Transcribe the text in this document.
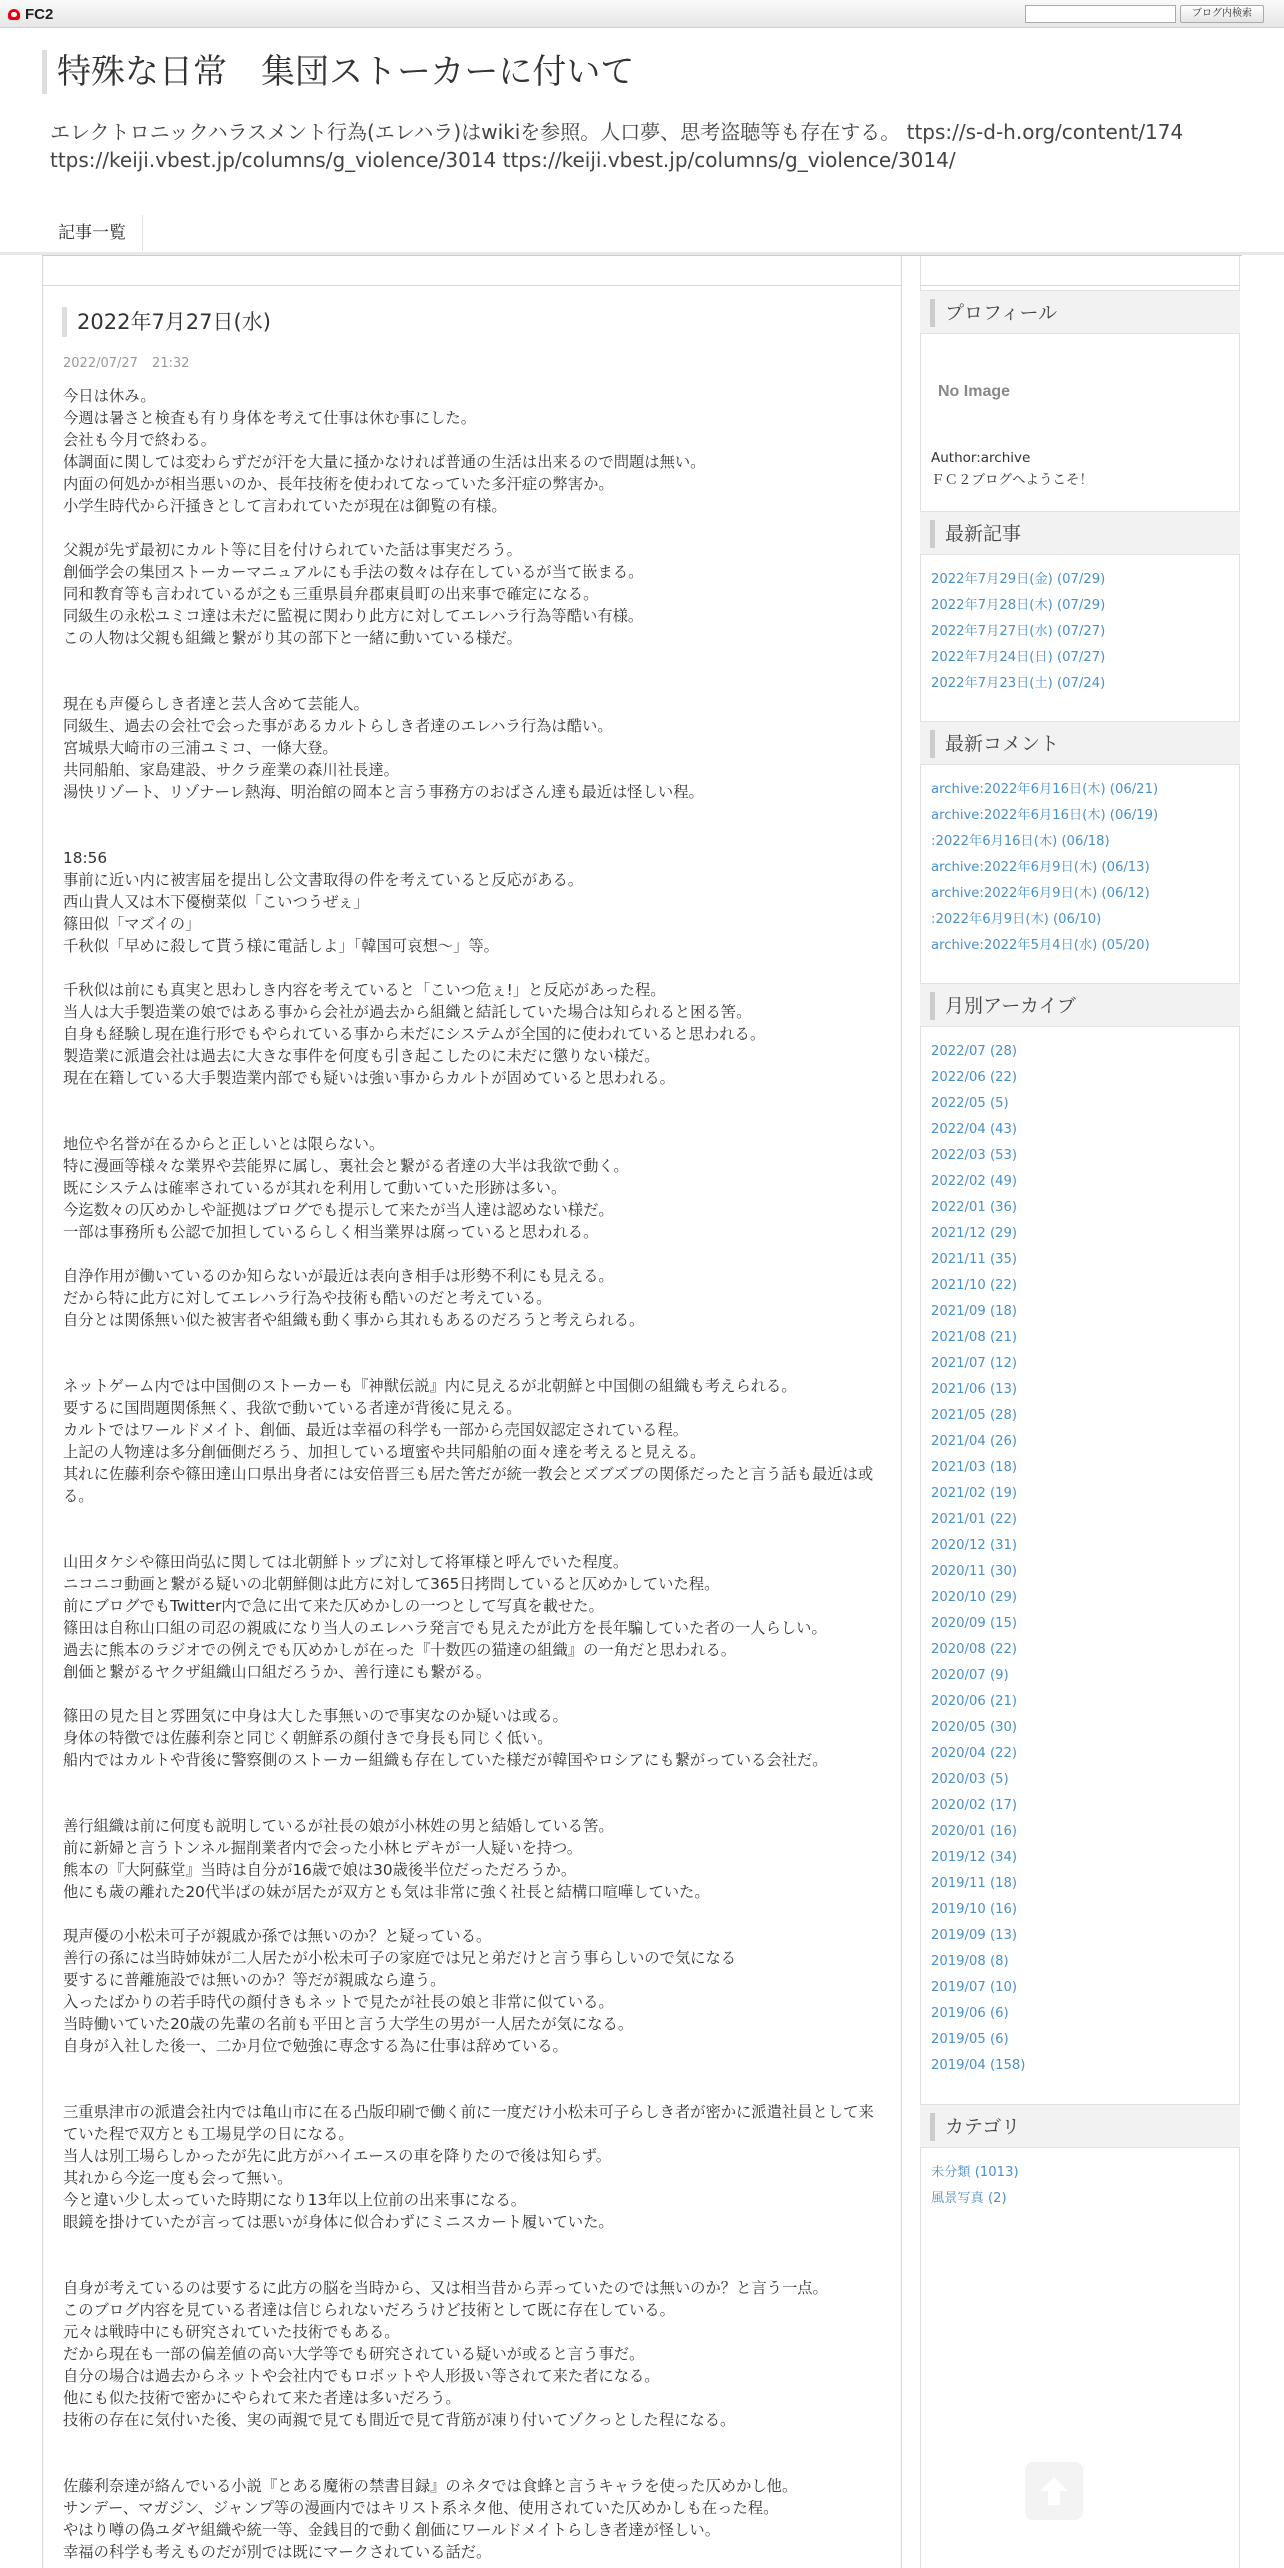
FC2	ブログ内検索
特殊な日常　集団ストーカーに付いて
エレクトロニックハラスメント行為(エレハラ)はwikiを参照。人口夢、思考盗聴等も存在する。 ttps://s-d-h.org/content/174
ttps://keiji.vbest.jp/columns/g_violence/3014 ttps://keiji.vbest.jp/columns/g_violence/3014/
記事一覧
2022年7月27日(水)
2022/07/27 21:32
今日は休み。
今週は暑さと検査も有り身体を考えて仕事は休む事にした。
会社も今月で終わる。
体調面に関しては変わらずだが汗を大量に掻かなければ普通の生活は出来るので問題は無い。
内面の何処かが相当悪いのか、長年技術を使われてなっていた多汗症の弊害か。
小学生時代から汗掻きとして言われていたが現在は御覧の有様。

父親が先ず最初にカルト等に目を付けられていた話は事実だろう。
創価学会の集団ストーカーマニュアルにも手法の数々は存在しているが当て嵌まる。
同和教育等も言われているが之も三重県員弁郡東員町の出来事で確定になる。
同級生の永松ユミコ達は未だに監視に関わり此方に対してエレハラ行為等酷い有様。
この人物は父親も組織と繋がり其の部下と一緒に動いている様だ。

現在も声優らしき者達と芸人含めて芸能人。
同級生、過去の会社で会った事があるカルトらしき者達のエレハラ行為は酷い。
宮城県大崎市の三浦ユミコ、一條大登。
共同船舶、家島建設、サクラ産業の森川社長達。
湯快リゾート、リゾナーレ熱海、明治館の岡本と言う事務方のおばさん達も最近は怪しい程。

18:56
事前に近い内に被害届を提出し公文書取得の件を考えていると反応がある。
西山貴人又は木下優樹菜似「こいつうぜぇ」
篠田似「マズイの」
千秋似「早めに殺して貰う様に電話しよ」「韓国可哀想～」等。

千秋似は前にも真実と思わしき内容を考えていると「こいつ危ぇ!」と反応があった程。
当人は大手製造業の娘ではある事から会社が過去から組織と結託していた場合は知られると困る筈。
自身も経験し現在進行形でもやられている事から未だにシステムが全国的に使われていると思われる。
製造業に派遣会社は過去に大きな事件を何度も引き起こしたのに未だに懲りない様だ。
現在在籍している大手製造業内部でも疑いは強い事からカルトが固めていると思われる。

地位や名誉が在るからと正しいとは限らない。
特に漫画等様々な業界や芸能界に属し、裏社会と繋がる者達の大半は我欲で動く。
既にシステムは確率されているが其れを利用して動いていた形跡は多い。
今迄数々の仄めかしや証拠はブログでも提示して来たが当人達は認めない様だ。
一部は事務所も公認で加担しているらしく相当業界は腐っていると思われる。

自浄作用が働いているのか知らないが最近は表向き相手は形勢不利にも見える。
だから特に此方に対してエレハラ行為や技術も酷いのだと考えている。
自分とは関係無い似た被害者や組織も動く事から其れもあるのだろうと考えられる。

ネットゲーム内では中国側のストーカーも『神獣伝説』内に見えるが北朝鮮と中国側の組織も考えられる。
要するに国問題関係無く、我欲で動いている者達が背後に見える。
カルトではワールドメイト、創価、最近は幸福の科学も一部から売国奴認定されている程。
上記の人物達は多分創価側だろう、加担している壇蜜や共同船舶の面々達を考えると見える。
其れに佐藤利奈や篠田達山口県出身者には安倍晋三も居た筈だが統一教会とズブズブの関係だったと言う話も最近は或る。

山田タケシや篠田尚弘に関しては北朝鮮トップに対して将軍様と呼んでいた程度。
ニコニコ動画と繋がる疑いの北朝鮮側は此方に対して365日拷問していると仄めかしていた程。
前にブログでもTwitter内で急に出て来た仄めかしの一つとして写真を載せた。
篠田は自称山口組の司忍の親戚になり当人のエレハラ発言でも見えたが此方を長年騙していた者の一人らしい。
過去に熊本のラジオでの例えでも仄めかしが在った『十数匹の猫達の組織』の一角だと思われる。
創価と繋がるヤクザ組織山口組だろうか、善行達にも繋がる。

篠田の見た目と雰囲気に中身は大した事無いので事実なのか疑いは或る。
身体の特徴では佐藤利奈と同じく朝鮮系の顔付きで身長も同じく低い。
船内ではカルトや背後に警察側のストーカー組織も存在していた様だが韓国やロシアにも繋がっている会社だ。

善行組織は前に何度も説明しているが社長の娘が小林姓の男と結婚している筈。
前に新婦と言うトンネル掘削業者内で会った小林ヒデキが一人疑いを持つ。
熊本の『大阿蘇堂』当時は自分が16歳で娘は30歳後半位だっただろうか。
他にも歳の離れた20代半ばの妹が居たが双方とも気は非常に強く社長と結構口喧嘩していた。

現声優の小松未可子が親戚か孫では無いのか？と疑っている。
善行の孫には当時姉妹が二人居たが小松未可子の家庭では兄と弟だけと言う事らしいので気になる
要するに普離施設では無いのか？等だが親戚なら違う。
入ったばかりの若手時代の顔付きもネットで見たが社長の娘と非常に似ている。
当時働いていた20歳の先輩の名前も平田と言う大学生の男が一人居たが気になる。
自身が入社した後一、二か月位で勉強に専念する為に仕事は辞めている。

三重県津市の派遣会社内では亀山市に在る凸版印刷で働く前に一度だけ小松未可子らしき者が密かに派遣社員として来ていた程で双方とも工場見学の日になる。
当人は別工場らしかったが先に此方がハイエースの車を降りたので後は知らず。
其れから今迄一度も会って無い。
今と違い少し太っていた時期になり13年以上位前の出来事になる。
眼鏡を掛けていたが言っては悪いが身体に似合わずにミニスカート履いていた。

自身が考えているのは要するに此方の脳を当時から、又は相当昔から弄っていたのでは無いのか？と言う一点。
このブログ内容を見ている者達は信じられないだろうけど技術として既に存在している。
元々は戦時中にも研究されていた技術でもある。
だから現在も一部の偏差値の高い大学等でも研究されている疑いが或ると言う事だ。
自分の場合は過去からネットや会社内でもロボットや人形扱い等されて来た者になる。
他にも似た技術で密かにやられて来た者達は多いだろう。
技術の存在に気付いた後、実の両親で見ても間近で見て背筋が凍り付いてゾクっとした程になる。

佐藤利奈達が絡んでいる小説『とある魔術の禁書目録』のネタでは食蜂と言うキャラを使った仄めかし他。
サンデー、マガジン、ジャンプ等の漫画内ではキリスト系ネタ他、使用されていた仄めかしも在った程。
やはり噂の偽ユダヤ組織や統一等、金銭目的で動く創価にワールドメイトらしき者達が怪しい。
幸福の科学も考えものだが別では既にマークされている話だ。
プロフィール
No Image
Author:archive
ＦＣ２ブログへようこそ！
最新記事
2022年7月29日(金) (07/29)
2022年7月28日(木) (07/29)
2022年7月27日(水) (07/27)
2022年7月24日(日) (07/27)
2022年7月23日(土) (07/24)
最新コメント
archive:2022年6月16日(木) (06/21)
archive:2022年6月16日(木) (06/19)
:2022年6月16日(木) (06/18)
archive:2022年6月9日(木) (06/13)
archive:2022年6月9日(木) (06/12)
:2022年6月9日(木) (06/10)
archive:2022年5月4日(水) (05/20)
月別アーカイブ
2022/07 (28)
2022/06 (22)
2022/05 (5)
2022/04 (43)
2022/03 (53)
2022/02 (49)
2022/01 (36)
2021/12 (29)
2021/11 (35)
2021/10 (22)
2021/09 (18)
2021/08 (21)
2021/07 (12)
2021/06 (13)
2021/05 (28)
2021/04 (26)
2021/03 (18)
2021/02 (19)
2021/01 (22)
2020/12 (31)
2020/11 (30)
2020/10 (29)
2020/09 (15)
2020/08 (22)
2020/07 (9)
2020/06 (21)
2020/05 (30)
2020/04 (22)
2020/03 (5)
2020/02 (17)
2020/01 (16)
2019/12 (34)
2019/11 (18)
2019/10 (16)
2019/09 (13)
2019/08 (8)
2019/07 (10)
2019/06 (6)
2019/05 (6)
2019/04 (158)
カテゴリ
未分類 (1013)
風景写真 (2)
